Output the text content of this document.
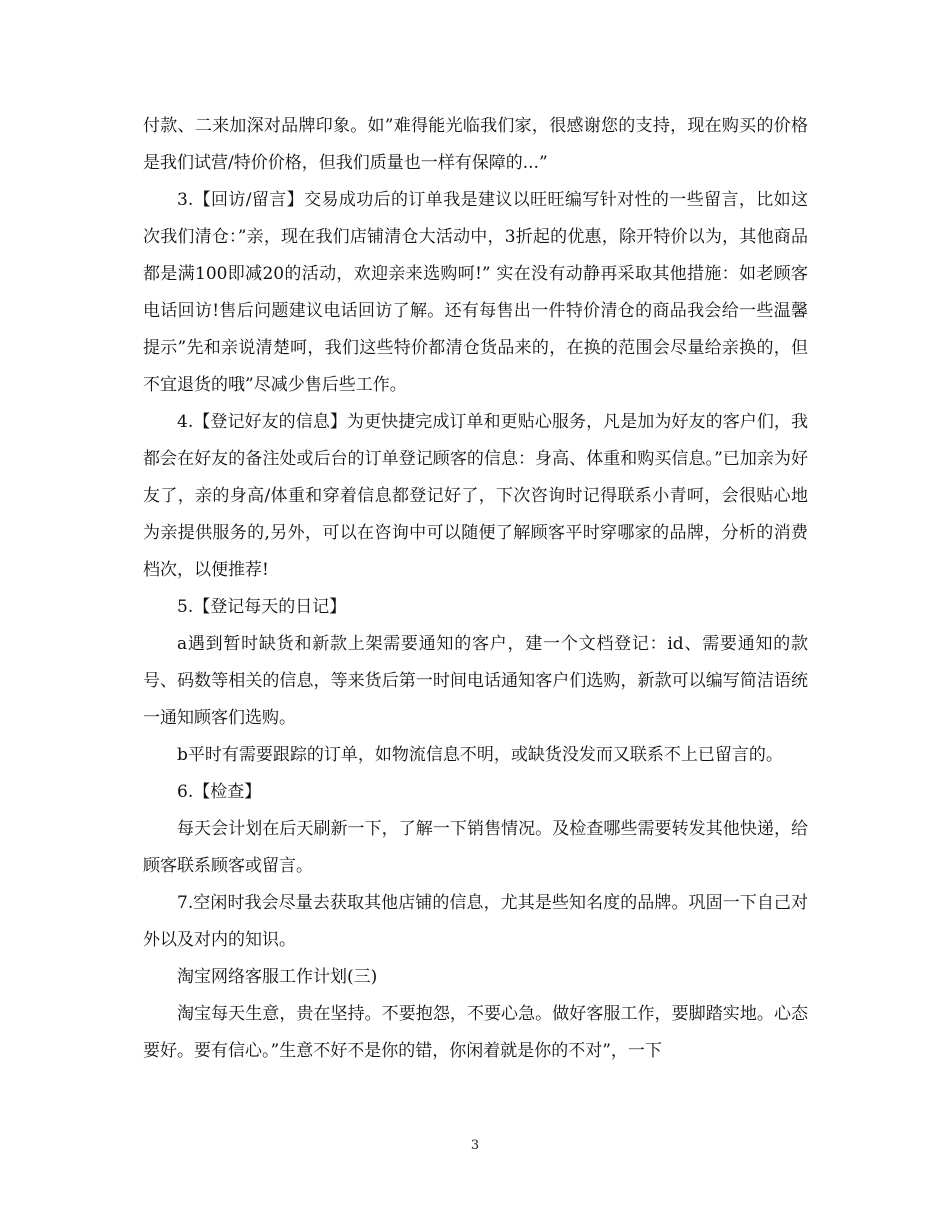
付款、二来加深对品牌印象。如”难得能光临我们家，很感谢您的支持，现在购买的价格是我们试营/特价价格，但我们质量也一样有保障的...”

3.【回访/留言】交易成功后的订单我是建议以旺旺编写针对性的一些留言，比如这次我们清仓：”亲，现在我们店铺清仓大活动中，3折起的优惠，除开特价以为，其他商品都是满100即减20的活动，欢迎亲来选购呵!” 实在没有动静再采取其他措施：如老顾客电话回访!售后问题建议电话回访了解。还有每售出一件特价清仓的商品我会给一些温馨提示”先和亲说清楚呵，我们这些特价都清仓货品来的，在换的范围会尽量给亲换的，但不宜退货的哦”尽减少售后些工作。

4.【登记好友的信息】为更快捷完成订单和更贴心服务，凡是加为好友的客户们，我都会在好友的备注处或后台的订单登记顾客的信息：身高、体重和购买信息。”已加亲为好友了，亲的身高/体重和穿着信息都登记好了，下次咨询时记得联系小青呵，会很贴心地为亲提供服务的,另外，可以在咨询中可以随便了解顾客平时穿哪家的品牌，分析的消费档次，以便推荐!

5.【登记每天的日记】

a遇到暂时缺货和新款上架需要通知的客户，建一个文档登记：id、需要通知的款号、码数等相关的信息，等来货后第一时间电话通知客户们选购，新款可以编写简洁语统一通知顾客们选购。

b平时有需要跟踪的订单，如物流信息不明，或缺货没发而又联系不上已留言的。

6.【检查】

每天会计划在后天刷新一下，了解一下销售情况。及检查哪些需要转发其他快递，给顾客联系顾客或留言。

7.空闲时我会尽量去获取其他店铺的信息，尤其是些知名度的品牌。巩固一下自己对外以及对内的知识。

淘宝网络客服工作计划(三)

淘宝每天生意，贵在坚持。不要抱怨，不要心急。做好客服工作，要脚踏实地。心态要好。要有信心。”生意不好不是你的错，你闲着就是你的不对”，一下

3
